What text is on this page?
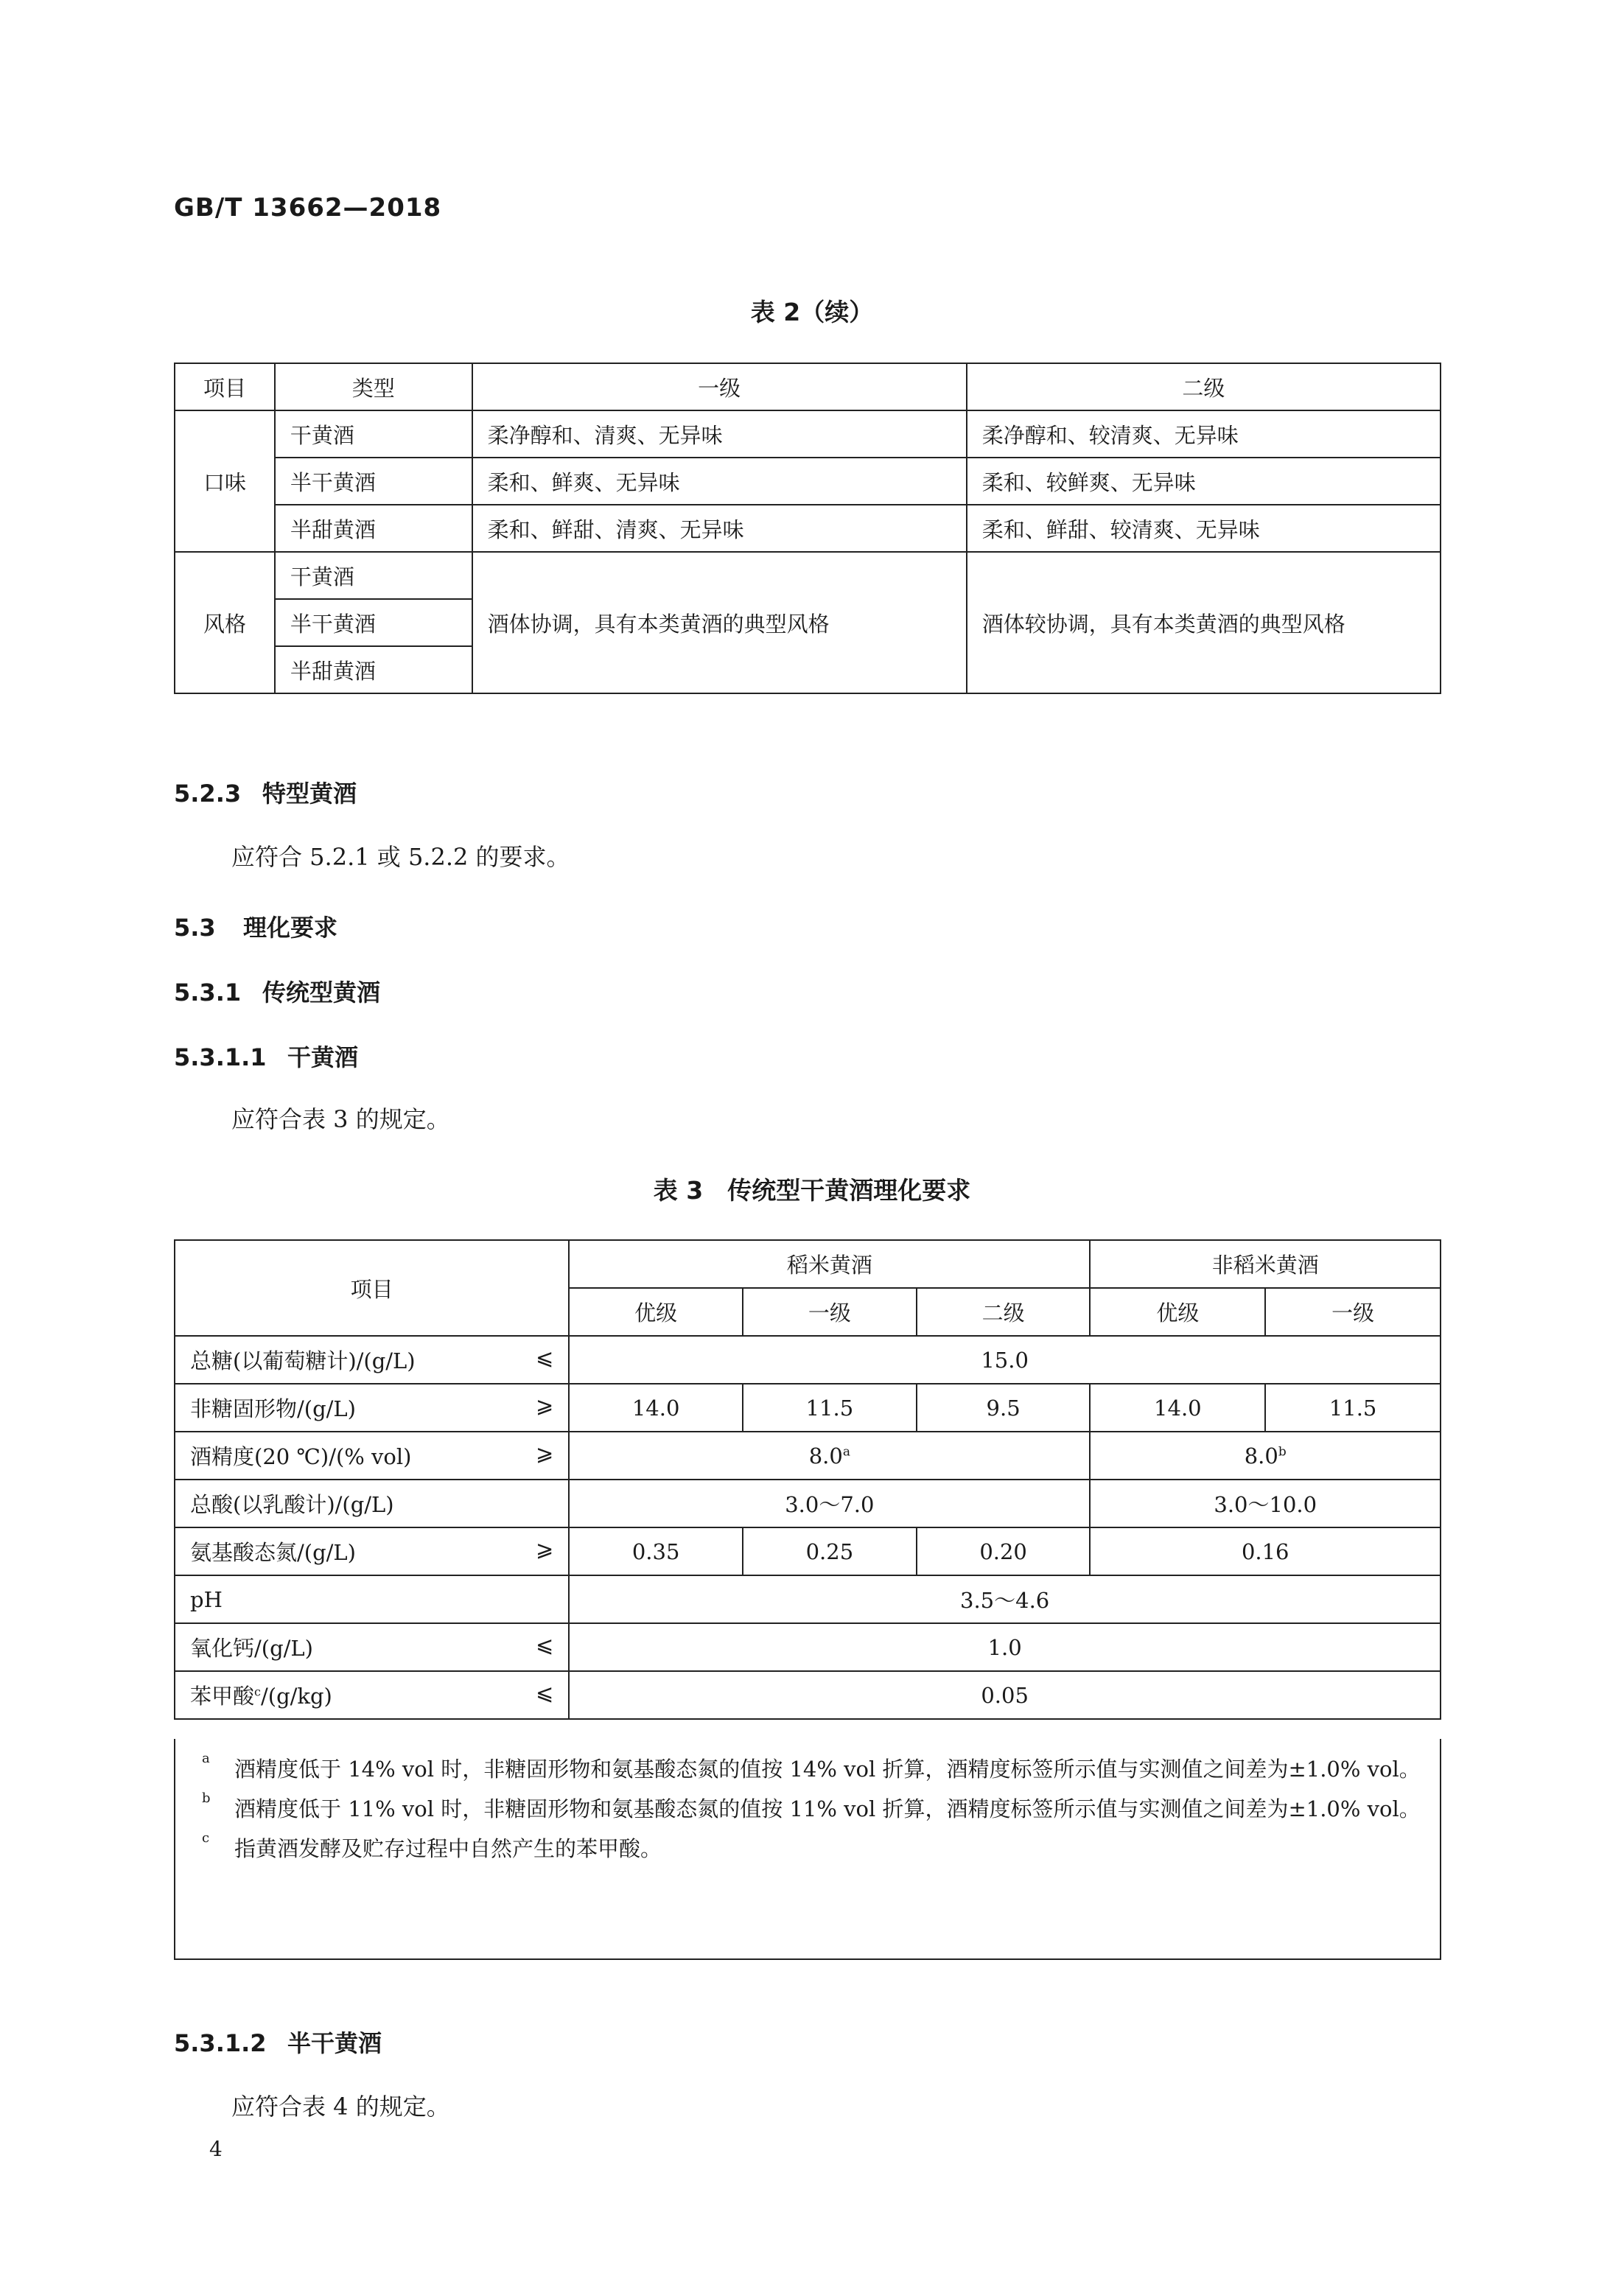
GB/T 13662—2018
表 2（续）
项目	类型	一级	二级
口味	干黄酒	柔净醇和、清爽、无异味	柔净醇和、较清爽、无异味
	半干黄酒	柔和、鲜爽、无异味	柔和、较鲜爽、无异味
	半甜黄酒	柔和、鲜甜、清爽、无异味	柔和、鲜甜、较清爽、无异味
风格	干黄酒	酒体协调，具有本类黄酒的典型风格	酒体较协调，具有本类黄酒的典型风格
	半干黄酒		
	半甜黄酒		
5.2.3 特型黄酒
应符合 5.2.1 或 5.2.2 的要求。
5.3 理化要求
5.3.1 传统型黄酒
5.3.1.1 干黄酒
应符合表 3 的规定。
表 3　传统型干黄酒理化要求
项目	稻米黄酒			非稻米黄酒	
	优级	一级	二级	优级	一级
总糖(以葡萄糖计)/(g/L) ⩽	15.0				
非糖固形物/(g/L) ⩾	14.0	11.5	9.5	14.0	11.5
酒精度(20 ℃)/(% vol) ⩾	8.0$^a$			8.0$^b$
总酸(以乳酸计)/(g/L)	3.0～7.0			3.0～10.0	
氨基酸态氮/(g/L) ⩾	0.35	0.25	0.20	0.16	
pH	3.5～4.6				
氧化钙/(g/L) ⩽	1.0				
苯甲酸$^c$/(g/kg) ⩽	0.05				
a 酒精度低于 14% vol 时，非糖固形物和氨基酸态氮的值按 14% vol 折算，酒精度标签所示值与实测值之间差为±1.0% vol。
b 酒精度低于 11% vol 时，非糖固形物和氨基酸态氮的值按 11% vol 折算，酒精度标签所示值与实测值之间差为±1.0% vol。
c 指黄酒发酵及贮存过程中自然产生的苯甲酸。
5.3.1.2 半干黄酒
应符合表 4 的规定。
4
